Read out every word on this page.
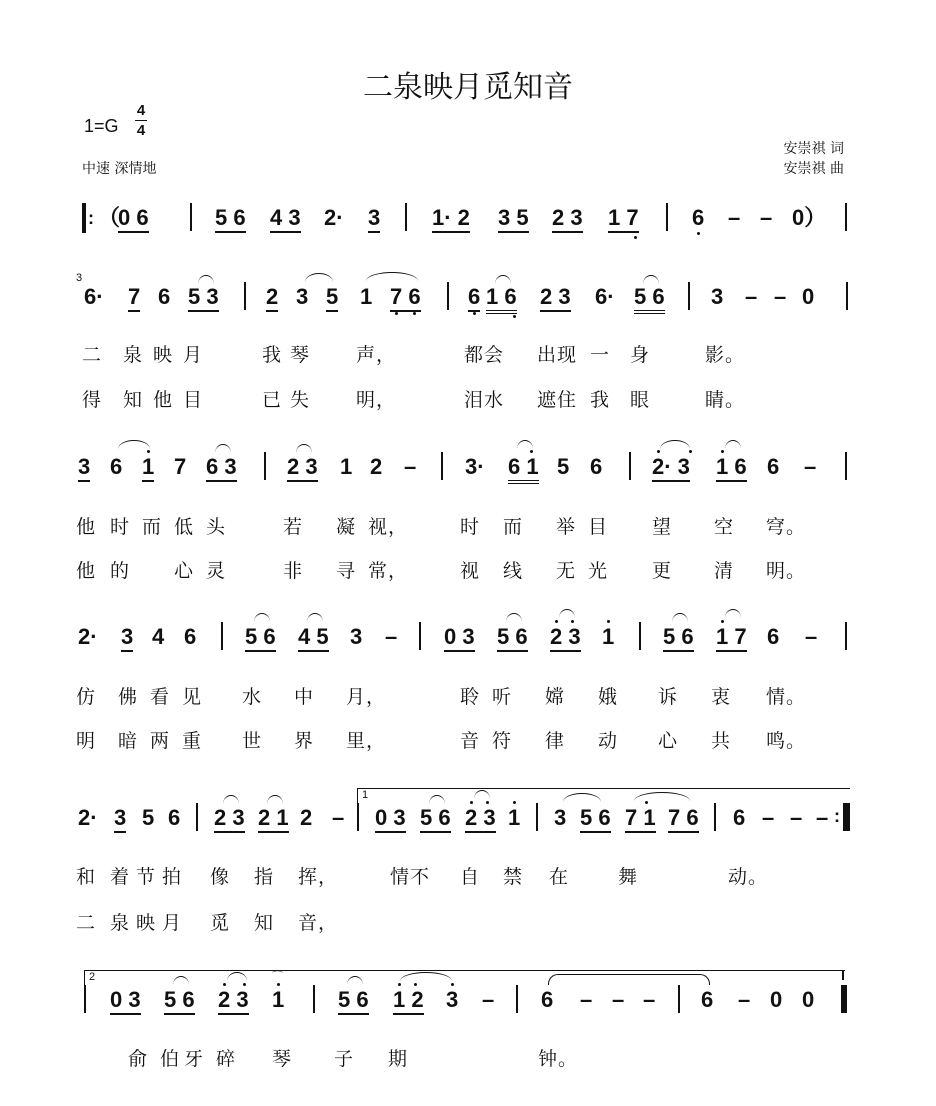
二泉映月觅知音
1=G
4
4
中速 深情地
安崇祺 词
安崇祺 曲
: （
0 6	5 6 4 3 2· 3 1· 2 3 5 2 3 1 7 6 – – 0）
3
6· 7 6 5 3 2 3 5 1 7 6 6 1 6 2 3 6· 5 6 3 – – 0
二 泉 映 月	我 琴 声，	都会 出现 一 身	影。
得 知 他 目	已 失 明，	泪水 遮住 我 眼	睛。
3 6 1 7 6 3 2 3 1 2 – 3· 6 1 5 6 2· 3 1 6 6 –
他 时 而 低 头	若 凝 视，	时 而 举 目 望 空 穹。
他 的 心 灵	非 寻 常，	视 线 无 光 更 清 明。
2· 3 4 6 5 6 4 5 3 – 0 3 5 6 2 3 1 5 6 1 7 6 –
仿 佛 看 见 水 中 月，	聆 听 嫦 娥 诉 衷 情。
明 暗 两 重 世 界 里，	音 符 律 动 心 共 鸣。
2· 3 5 6 2 3 2 1 2 –
1
0 3 5 6 2 3 1 3 5 6 7 1 7 6 6 – – – :
和 着 节 拍 像 指 挥，	情不 自 禁 在	舞	动。
二 泉 映 月 觅 知 音，
2
0 3 5 6 2 3 1
⌒
5 6 1 2 3 – 6 – – – 6 – 0 0
俞 伯 牙 碎 琴 子 期	钟。
